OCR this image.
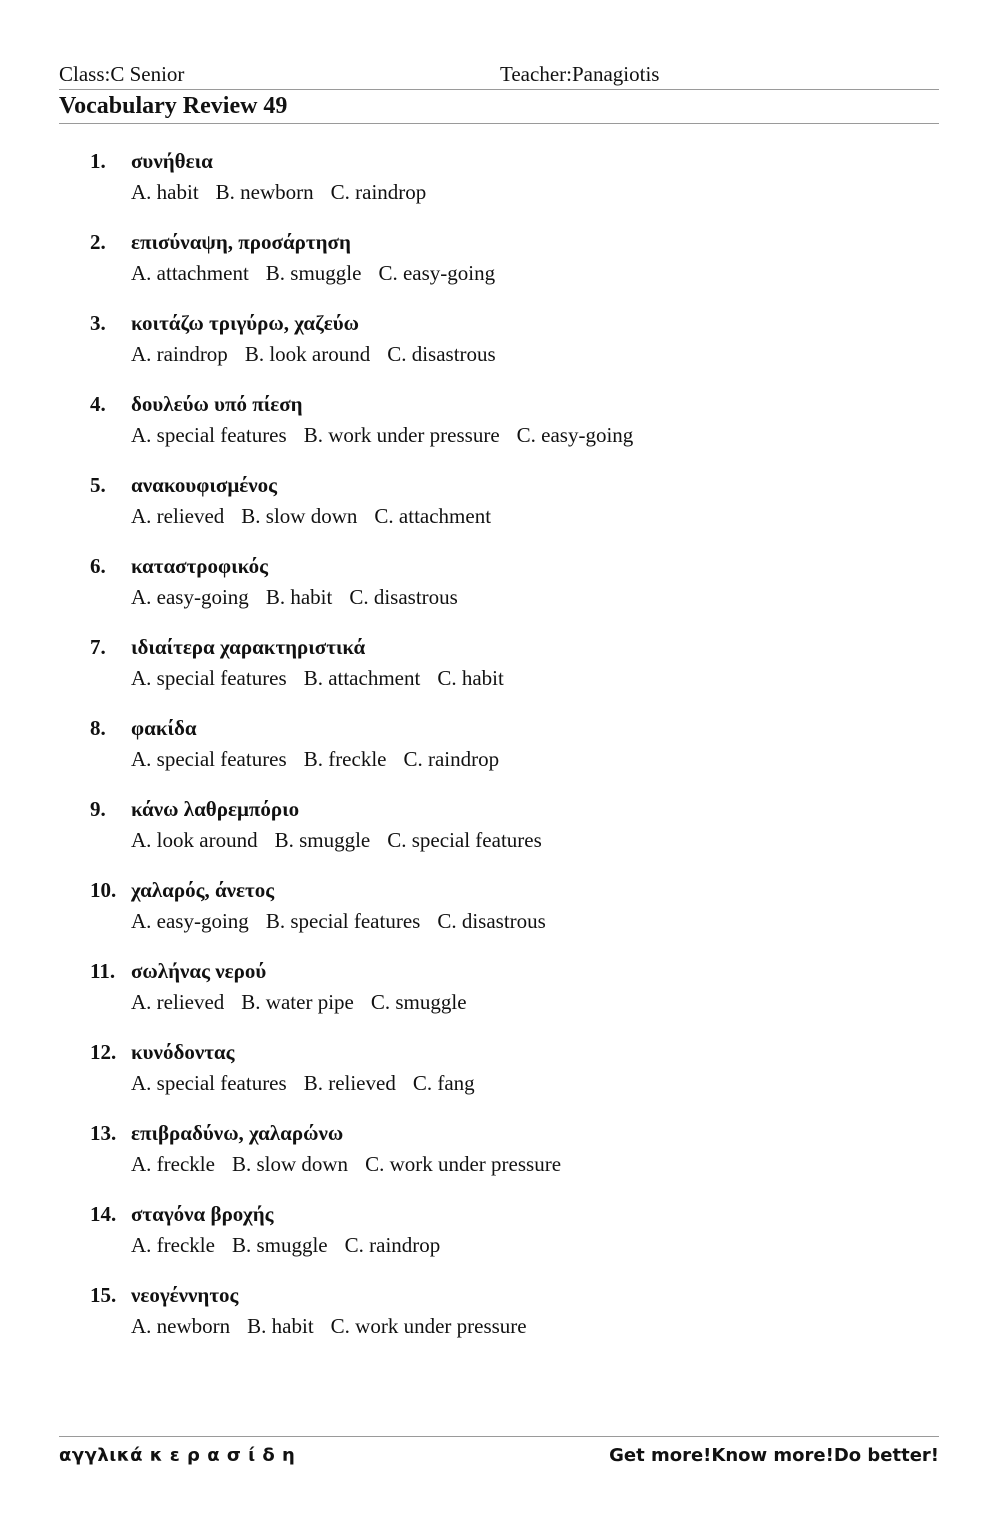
Class:C Senior	Teacher:Panagiotis
Vocabulary Review 49
1.	συνήθεια
A. habit B. newborn C. raindrop
2.	επισύναψη, προσάρτηση
A. attachment B. smuggle C. easy-going
3.	κοιτάζω τριγύρω, χαζεύω
A. raindrop B. look around C. disastrous
4.	δουλεύω υπό πίεση
A. special features B. work under pressure C. easy-going
5.	ανακουφισμένος
A. relieved B. slow down C. attachment
6.	καταστροφικός
A. easy-going B. habit C. disastrous
7.	ιδιαίτερα χαρακτηριστικά
A. special features B. attachment C. habit
8.	φακίδα
A. special features B. freckle C. raindrop
9.	κάνω λαθρεμπόριο
A. look around B. smuggle C. special features
10. χαλαρός, άνετος
A. easy-going B. special features C. disastrous
11. σωλήνας νερού
A. relieved B. water pipe C. smuggle
12. κυνόδοντας
A. special features B. relieved C. fang
13. επιβραδύνω, χαλαρώνω
A. freckle B. slow down C. work under pressure
14. σταγόνα βροχής
A. freckle B. smuggle C. raindrop
15. νεογέννητος
A. newborn B. habit C. work under pressure
αγγλικά κ ε ρ α σ ί δ η	Get more!Know more!Do better!
